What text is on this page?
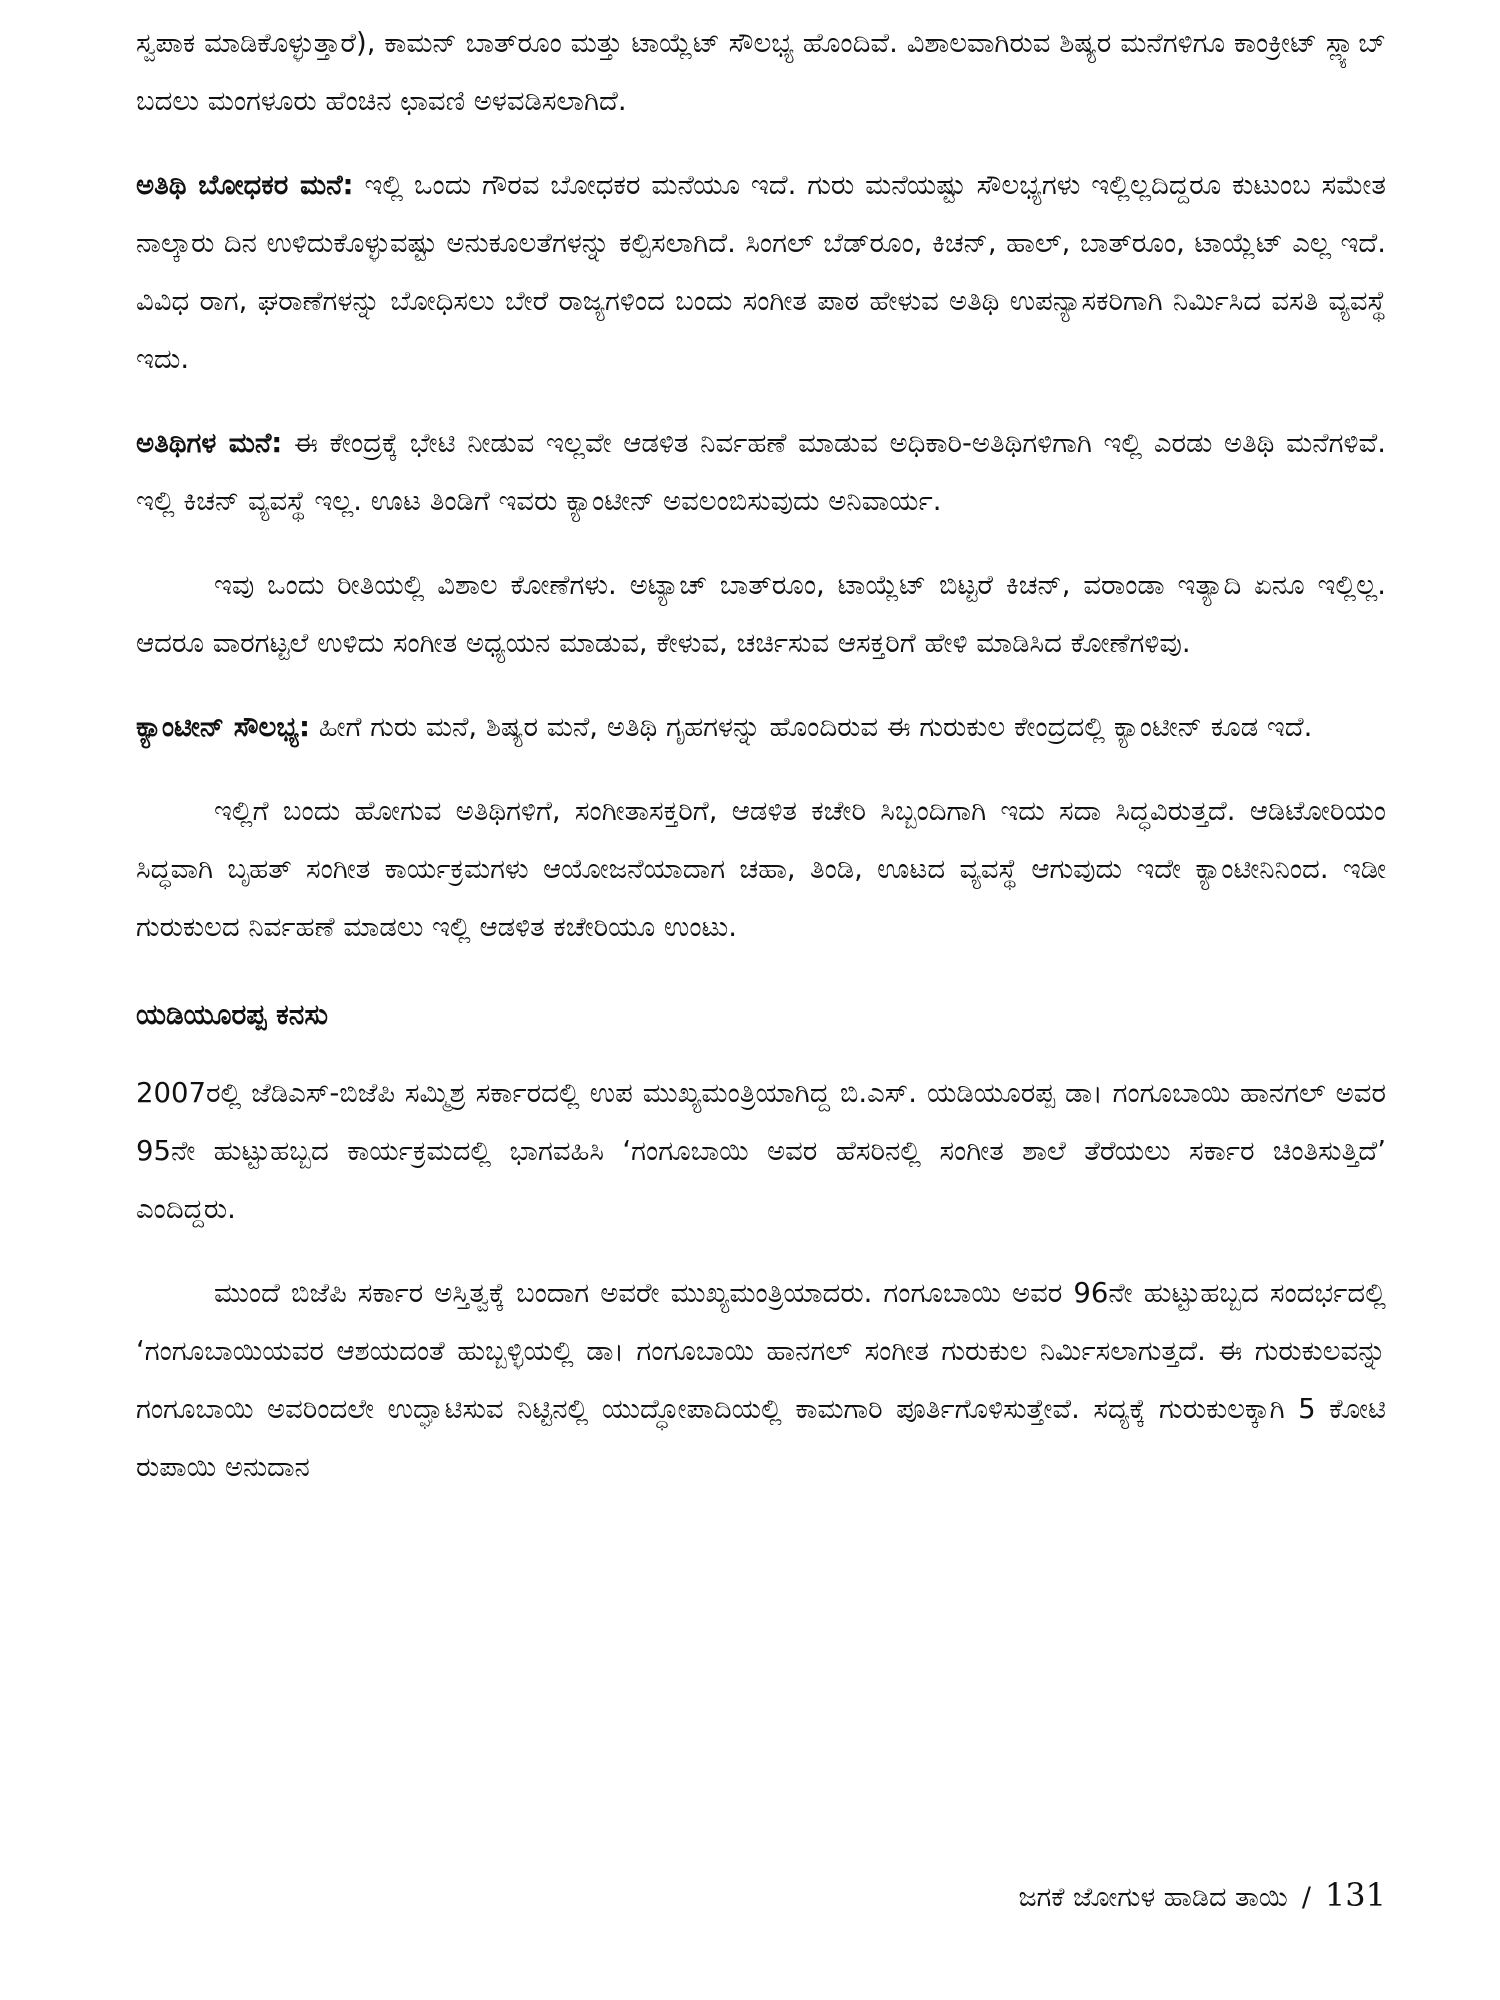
ಸ್ವಪಾಕ ಮಾಡಿಕೊಳ್ಳುತ್ತಾರೆ), ಕಾಮನ್ ಬಾತ್‌ರೂಂ ಮತ್ತು ಟಾಯ್ಲೆಟ್ ಸೌಲಭ್ಯ ಹೊಂದಿವೆ. ವಿಶಾಲವಾಗಿರುವ ಶಿಷ್ಯರ ಮನೆಗಳಿಗೂ ಕಾಂಕ್ರೀಟ್ ಸ್ಲ್ಯಾಬ್ ಬದಲು ಮಂಗಳೂರು ಹೆಂಚಿನ ಛಾವಣಿ ಅಳವಡಿಸಲಾಗಿದೆ.

ಅತಿಥಿ ಬೋಧಕರ ಮನೆ: ಇಲ್ಲಿ ಒಂದು ಗೌರವ ಬೋಧಕರ ಮನೆಯೂ ಇದೆ. ಗುರು ಮನೆಯಷ್ಟು ಸೌಲಭ್ಯಗಳು ಇಲ್ಲಿಲ್ಲದಿದ್ದರೂ ಕುಟುಂಬ ಸಮೇತ ನಾಲ್ಕಾರು ದಿನ ಉಳಿದುಕೊಳ್ಳುವಷ್ಟು ಅನುಕೂಲತೆಗಳನ್ನು ಕಲ್ಪಿಸಲಾಗಿದೆ. ಸಿಂಗಲ್ ಬೆಡ್‌ರೂಂ, ಕಿಚನ್, ಹಾಲ್, ಬಾತ್‌ರೂಂ, ಟಾಯ್ಲೆಟ್ ಎಲ್ಲ ಇದೆ. ವಿವಿಧ ರಾಗ, ಘರಾಣೆಗಳನ್ನು ಬೋಧಿಸಲು ಬೇರೆ ರಾಜ್ಯಗಳಿಂದ ಬಂದು ಸಂಗೀತ ಪಾಠ ಹೇಳುವ ಅತಿಥಿ ಉಪನ್ಯಾಸಕರಿಗಾಗಿ ನಿರ್ಮಿಸಿದ ವಸತಿ ವ್ಯವಸ್ಥೆ ಇದು.

ಅತಿಥಿಗಳ ಮನೆ: ಈ ಕೇಂದ್ರಕ್ಕೆ ಭೇಟಿ ನೀಡುವ ಇಲ್ಲವೇ ಆಡಳಿತ ನಿರ್ವಹಣೆ ಮಾಡುವ ಅಧಿಕಾರಿ-ಅತಿಥಿಗಳಿಗಾಗಿ ಇಲ್ಲಿ ಎರಡು ಅತಿಥಿ ಮನೆಗಳಿವೆ. ಇಲ್ಲಿ ಕಿಚನ್ ವ್ಯವಸ್ಥೆ ಇಲ್ಲ. ಊಟ ತಿಂಡಿಗೆ ಇವರು ಕ್ಯಾಂಟೀನ್ ಅವಲಂಬಿಸುವುದು ಅನಿವಾರ್ಯ.

ಇವು ಒಂದು ರೀತಿಯಲ್ಲಿ ವಿಶಾಲ ಕೋಣೆಗಳು. ಅಟ್ಯಾಚ್ ಬಾತ್‌ರೂಂ, ಟಾಯ್ಲೆಟ್ ಬಿಟ್ಟರೆ ಕಿಚನ್, ವರಾಂಡಾ ಇತ್ಯಾದಿ ಏನೂ ಇಲ್ಲಿಲ್ಲ. ಆದರೂ ವಾರಗಟ್ಟಲೆ ಉಳಿದು ಸಂಗೀತ ಅಧ್ಯಯನ ಮಾಡುವ, ಕೇಳುವ, ಚರ್ಚಿಸುವ ಆಸಕ್ತರಿಗೆ ಹೇಳಿ ಮಾಡಿಸಿದ ಕೋಣೆಗಳಿವು.

ಕ್ಯಾಂಟೀನ್ ಸೌಲಭ್ಯ: ಹೀಗೆ ಗುರು ಮನೆ, ಶಿಷ್ಯರ ಮನೆ, ಅತಿಥಿ ಗೃಹಗಳನ್ನು ಹೊಂದಿರುವ ಈ ಗುರುಕುಲ ಕೇಂದ್ರದಲ್ಲಿ ಕ್ಯಾಂಟೀನ್ ಕೂಡ ಇದೆ.

ಇಲ್ಲಿಗೆ ಬಂದು ಹೋಗುವ ಅತಿಥಿಗಳಿಗೆ, ಸಂಗೀತಾಸಕ್ತರಿಗೆ, ಆಡಳಿತ ಕಚೇರಿ ಸಿಬ್ಬಂದಿಗಾಗಿ ಇದು ಸದಾ ಸಿದ್ಧವಿರುತ್ತದೆ. ಆಡಿಟೋರಿಯಂ ಸಿದ್ಧವಾಗಿ ಬೃಹತ್ ಸಂಗೀತ ಕಾರ್ಯಕ್ರಮಗಳು ಆಯೋಜನೆಯಾದಾಗ ಚಹಾ, ತಿಂಡಿ, ಊಟದ ವ್ಯವಸ್ಥೆ ಆಗುವುದು ಇದೇ ಕ್ಯಾಂಟೀನಿನಿಂದ. ಇಡೀ ಗುರುಕುಲದ ನಿರ್ವಹಣೆ ಮಾಡಲು ಇಲ್ಲಿ ಆಡಳಿತ ಕಚೇರಿಯೂ ಉಂಟು.

ಯಡಿಯೂರಪ್ಪ ಕನಸು

2007ರಲ್ಲಿ ಜೆಡಿಎಸ್-ಬಿಜೆಪಿ ಸಮ್ಮಿಶ್ರ ಸರ್ಕಾರದಲ್ಲಿ ಉಪ ಮುಖ್ಯಮಂತ್ರಿಯಾಗಿದ್ದ ಬಿ.ಎಸ್. ಯಡಿಯೂರಪ್ಪ ಡಾ। ಗಂಗೂಬಾಯಿ ಹಾನಗಲ್ ಅವರ 95ನೇ ಹುಟ್ಟುಹಬ್ಬದ ಕಾರ್ಯಕ್ರಮದಲ್ಲಿ ಭಾಗವಹಿಸಿ ‘ಗಂಗೂಬಾಯಿ ಅವರ ಹೆಸರಿನಲ್ಲಿ ಸಂಗೀತ ಶಾಲೆ ತೆರೆಯಲು ಸರ್ಕಾರ ಚಿಂತಿಸುತ್ತಿದೆ’ ಎಂದಿದ್ದರು.

ಮುಂದೆ ಬಿಜೆಪಿ ಸರ್ಕಾರ ಅಸ್ತಿತ್ವಕ್ಕೆ ಬಂದಾಗ ಅವರೇ ಮುಖ್ಯಮಂತ್ರಿಯಾದರು. ಗಂಗೂಬಾಯಿ ಅವರ 96ನೇ ಹುಟ್ಟುಹಬ್ಬದ ಸಂದರ್ಭದಲ್ಲಿ ‘ಗಂಗೂಬಾಯಿಯವರ ಆಶಯದಂತೆ ಹುಬ್ಬಳ್ಳಿಯಲ್ಲಿ ಡಾ। ಗಂಗೂಬಾಯಿ ಹಾನಗಲ್ ಸಂಗೀತ ಗುರುಕುಲ ನಿರ್ಮಿಸಲಾಗುತ್ತದೆ. ಈ ಗುರುಕುಲವನ್ನು ಗಂಗೂಬಾಯಿ ಅವರಿಂದಲೇ ಉದ್ಘಾಟಿಸುವ ನಿಟ್ಟಿನಲ್ಲಿ ಯುದ್ಧೋಪಾದಿಯಲ್ಲಿ ಕಾಮಗಾರಿ ಪೂರ್ತಿಗೊಳಿಸುತ್ತೇವೆ. ಸದ್ಯಕ್ಕೆ ಗುರುಕುಲಕ್ಕಾಗಿ 5 ಕೋಟಿ ರುಪಾಯಿ ಅನುದಾನ

ಜಗಕೆ ಜೋಗುಳ ಹಾಡಿದ ತಾಯಿ / 131
